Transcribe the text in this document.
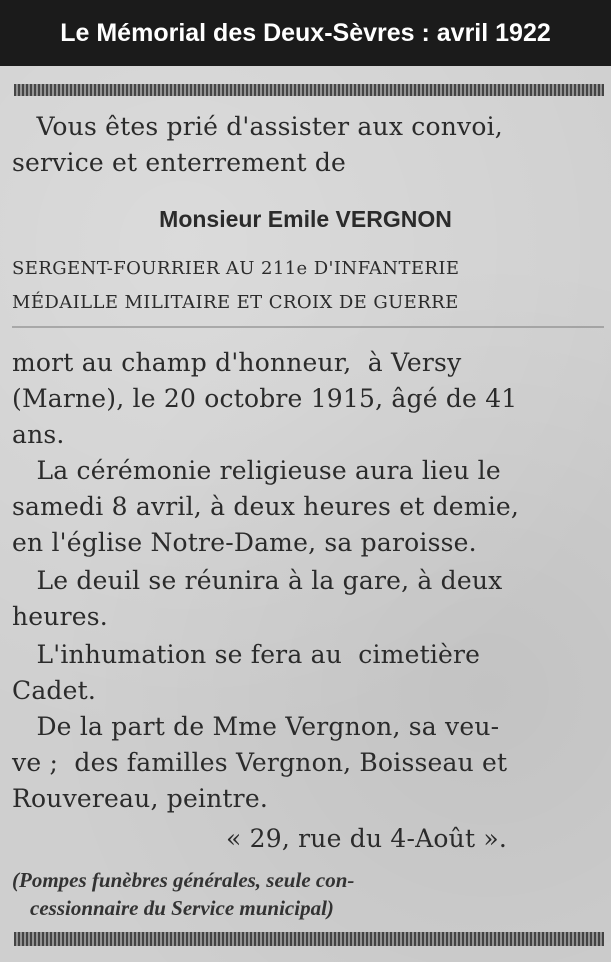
Le Mémorial des Deux-Sèvres : avril 1922
Vous êtes prié d'assister aux convoi,
service et enterrement de
Monsieur Emile VERGNON
SERGENT-FOURRIER AU 211e D'INFANTERIE
MÉDAILLE MILITAIRE ET CROIX DE GUERRE
mort au champ d'honneur,  à Versy
(Marne), le 20 octobre 1915, âgé de 41
ans.
La cérémonie religieuse aura lieu le
samedi 8 avril, à deux heures et demie,
en l'église Notre-Dame, sa paroisse.
Le deuil se réunira à la gare, à deux
heures.
L'inhumation se fera au  cimetière
Cadet.
De la part de Mme Vergnon, sa veu-
ve ;  des familles Vergnon, Boisseau et
Rouvereau, peintre.
« 29, rue du 4-Août ».
(Pompes funèbres générales, seule con-
cessionnaire du Service municipal)
